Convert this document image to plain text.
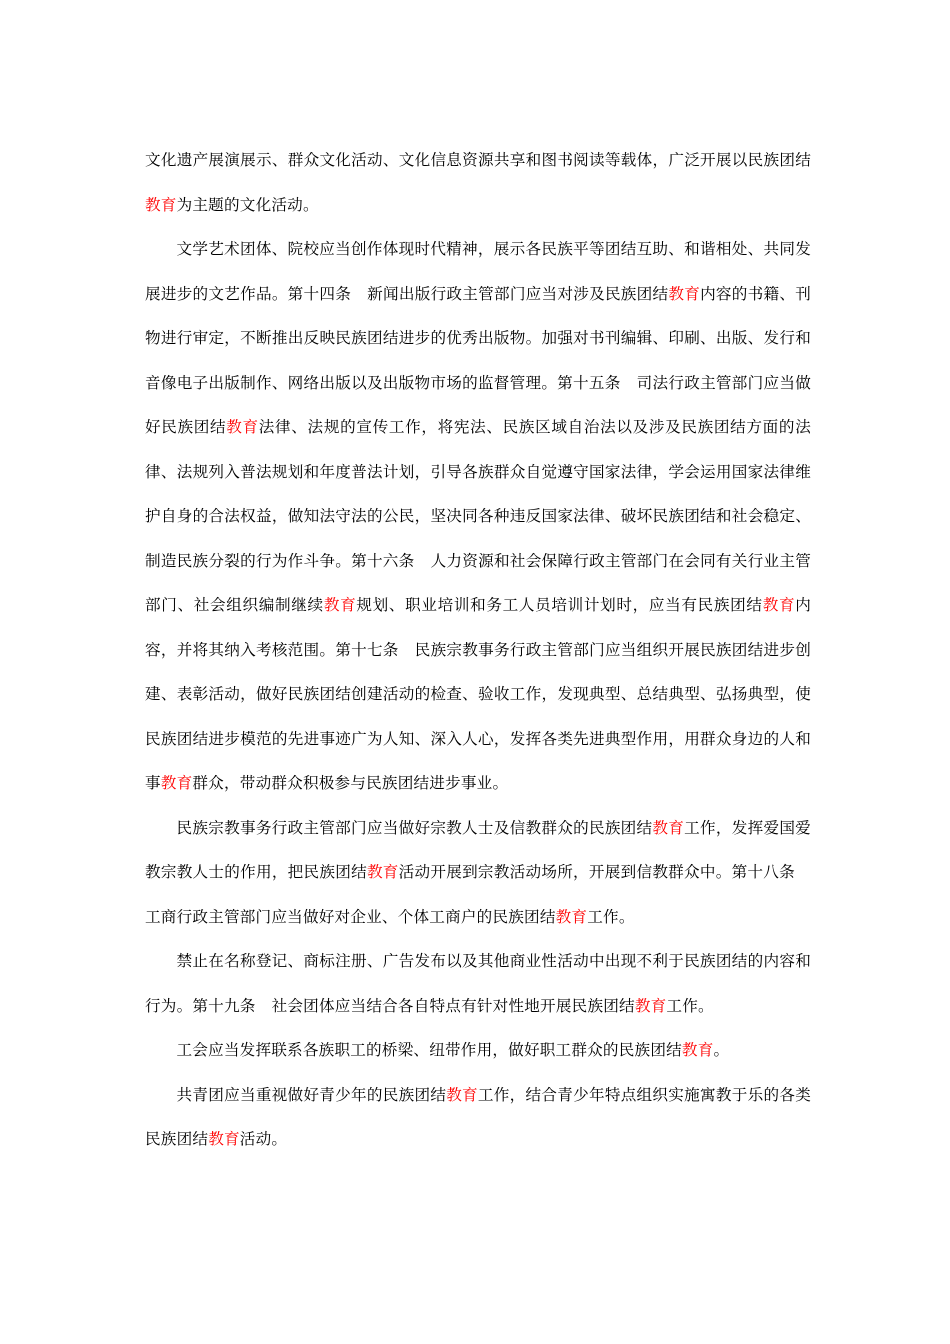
文化遗产展演展示、群众文化活动、文化信息资源共享和图书阅读等载体，广泛开展以民族团结教育为主题的文化活动。

文学艺术团体、院校应当创作体现时代精神，展示各民族平等团结互助、和谐相处、共同发展进步的文艺作品。第十四条 新闻出版行政主管部门应当对涉及民族团结教育内容的书籍、刊物进行审定，不断推出反映民族团结进步的优秀出版物。加强对书刊编辑、印刷、出版、发行和音像电子出版制作、网络出版以及出版物市场的监督管理。第十五条 司法行政主管部门应当做好民族团结教育法律、法规的宣传工作，将宪法、民族区域自治法以及涉及民族团结方面的法律、法规列入普法规划和年度普法计划，引导各族群众自觉遵守国家法律，学会运用国家法律维护自身的合法权益，做知法守法的公民，坚决同各种违反国家法律、破坏民族团结和社会稳定、制造民族分裂的行为作斗争。第十六条 人力资源和社会保障行政主管部门在会同有关行业主管部门、社会组织编制继续教育规划、职业培训和务工人员培训计划时，应当有民族团结教育内容，并将其纳入考核范围。第十七条 民族宗教事务行政主管部门应当组织开展民族团结进步创建、表彰活动，做好民族团结创建活动的检查、验收工作，发现典型、总结典型、弘扬典型，使民族团结进步模范的先进事迹广为人知、深入人心，发挥各类先进典型作用，用群众身边的人和事教育群众，带动群众积极参与民族团结进步事业。

民族宗教事务行政主管部门应当做好宗教人士及信教群众的民族团结教育工作，发挥爱国爱教宗教人士的作用，把民族团结教育活动开展到宗教活动场所，开展到信教群众中。第十八条工商行政主管部门应当做好对企业、个体工商户的民族团结教育工作。

禁止在名称登记、商标注册、广告发布以及其他商业性活动中出现不利于民族团结的内容和行为。第十九条 社会团体应当结合各自特点有针对性地开展民族团结教育工作。

工会应当发挥联系各族职工的桥梁、纽带作用，做好职工群众的民族团结教育。

共青团应当重视做好青少年的民族团结教育工作，结合青少年特点组织实施寓教于乐的各类民族团结教育活动。
